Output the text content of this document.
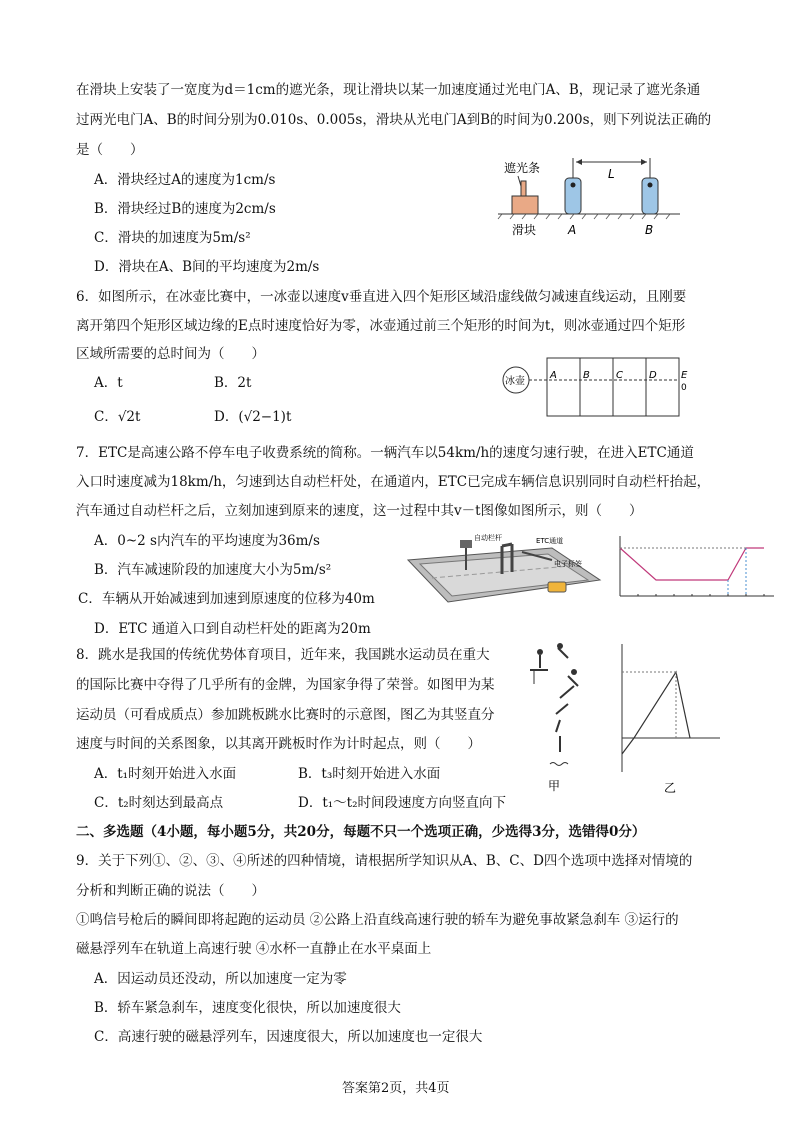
在滑块上安装了一宽度为d＝1cm的遮光条，现让滑块以某一加速度通过光电门A、B，现记录了遮光条通
过两光电门A、B的时间分别为0.010s、0.005s，滑块从光电门A到B的时间为0.200s，则下列说法正确的
是（　　）
A．滑块经过A的速度为1cm/s
B．滑块经过B的速度为2cm/s
C．滑块的加速度为5m/s²
D．滑块在A、B间的平均速度为2m/s
遮光条	L
滑块	A	B
6．如图所示，在冰壶比赛中，一冰壶以速度v垂直进入四个矩形区域沿虚线做匀减速直线运动，且刚要
离开第四个矩形区域边缘的E点时速度恰好为零，冰壶通过前三个矩形的时间为t，则冰壶通过四个矩形
区域所需要的总时间为（　　）
A．t	B．2t
C．√2t	D．(√2−1)t
冰壶
A	B	C	D E
0
7．ETC是高速公路不停车电子收费系统的简称。一辆汽车以54km/h的速度匀速行驶，在进入ETC通道
入口时速度减为18km/h，匀速到达自动栏杆处，在通道内，ETC已完成车辆信息识别同时自动栏杆抬起，
汽车通过自动栏杆之后，立刻加速到原来的速度，这一过程中其v－t图像如图所示，则（　　）
A．0~2 s内汽车的平均速度为36m/s
B．汽车减速阶段的加速度大小为5m/s²
C．车辆从开始减速到加速到原速度的位移为40m
D．ETC 通道入口到自动栏杆处的距离为20m
自动栏杆	ETC通道
电子标签
8．跳水是我国的传统优势体育项目，近年来，我国跳水运动员在重大
的国际比赛中夺得了几乎所有的金牌，为国家争得了荣誉。如图甲为某
运动员（可看成质点）参加跳板跳水比赛时的示意图，图乙为其竖直分
速度与时间的关系图象，以其离开跳板时作为计时起点，则（　　）
A．t₁时刻开始进入水面	B．t₃时刻开始进入水面
C．t₂时刻达到最高点	D．t₁～t₂时间段速度方向竖直向下
甲	乙
二、多选题（4小题，每小题5分，共20分，每题不只一个选项正确，少选得3分，选错得0分）
9．关于下列①、②、③、④所述的四种情境，请根据所学知识从A、B、C、D四个选项中选择对情境的
分析和判断正确的说法（　　）
①鸣信号枪后的瞬间即将起跑的运动员 ②公路上沿直线高速行驶的轿车为避免事故紧急刹车 ③运行的
磁悬浮列车在轨道上高速行驶 ④水杯一直静止在水平桌面上
A．因运动员还没动，所以加速度一定为零
B．轿车紧急刹车，速度变化很快，所以加速度很大
C．高速行驶的磁悬浮列车，因速度很大，所以加速度也一定很大
答案第2页，共4页
